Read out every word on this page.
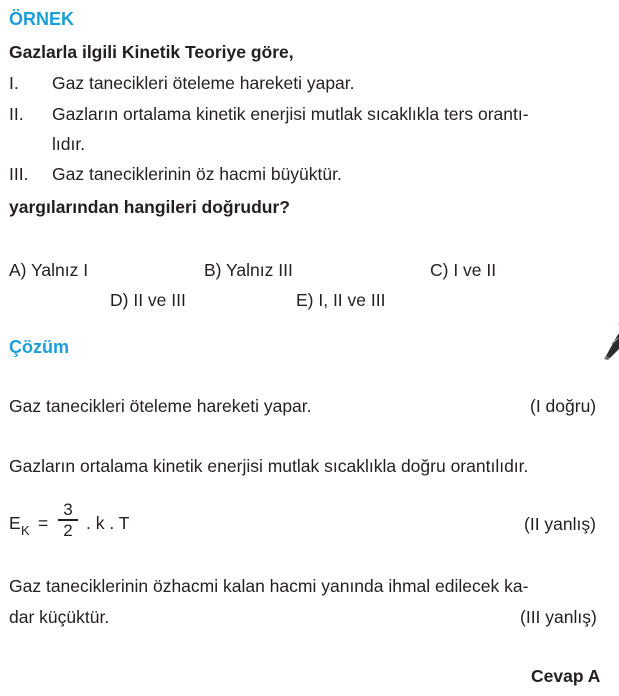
ÖRNEK
Gazlarla ilgili Kinetik Teoriye göre,
I.	Gaz tanecikleri öteleme hareketi yapar.
II.	Gazların ortalama kinetik enerjisi mutlak sıcaklıkla ters orantı-
lıdır.
III.	Gaz taneciklerinin öz hacmi büyüktür.
yargılarından hangileri doğrudur?
A) Yalnız I	B) Yalnız III	C) I ve II
D) II ve III	E) I, II ve III
Çözüm
Gaz tanecikleri öteleme hareketi yapar.	(I doğru)
Gazların ortalama kinetik enerjisi mutlak sıcaklıkla doğru orantılıdır.
E K =
3
2 . k . T	(II yanlış)
Gaz taneciklerinin özhacmi kalan hacmi yanında ihmal edilecek ka-
dar küçüktür.	(III yanlış)
Cevap A
